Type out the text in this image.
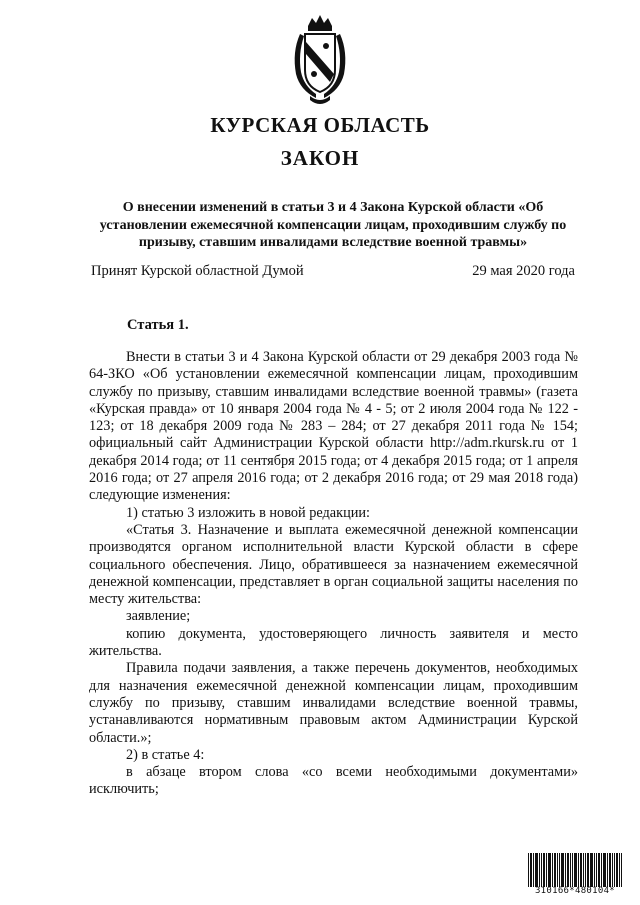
КУРСКАЯ ОБЛАСТЬ
ЗАКОН
О внесении изменений в статьи 3 и 4 Закона Курской области «Об установлении ежемесячной компенсации лицам, проходившим службу по призыву, ставшим инвалидами вследствие военной травмы»
Принят Курской областной Думой	29 мая 2020 года
Статья 1.

Внести в статьи 3 и 4 Закона Курской области от 29 декабря 2003 года № 64-ЗКО «Об установлении ежемесячной компенсации лицам, проходившим службу по призыву, ставшим инвалидами вследствие военной травмы» (газета «Курская правда» от 10 января 2004 года № 4 - 5; от 2 июля 2004 года № 122 - 123; от 18 декабря 2009 года № 283 – 284; от 27 декабря 2011 года № 154; официальный сайт Администрации Курской области http://adm.rkursk.ru от 1 декабря 2014 года; от 11 сентября 2015 года; от 4 декабря 2015 года; от 1 апреля 2016 года; от 27 апреля 2016 года; от 2 декабря 2016 года; от 29 мая 2018 года) следующие изменения:

1) статью 3 изложить в новой редакции:

«Статья 3. Назначение и выплата ежемесячной денежной компенсации производятся органом исполнительной власти Курской области в сфере социального обеспечения. Лицо, обратившееся за назначением ежемесячной денежной компенсации, представляет в орган социальной защиты населения по месту жительства:

заявление;

копию документа, удостоверяющего личность заявителя и место жительства.

Правила подачи заявления, а также перечень документов, необходимых для назначения ежемесячной денежной компенсации лицам, проходившим службу по призыву, ставшим инвалидами вследствие военной травмы, устанавливаются нормативным правовым актом Администрации Курской области.»;

2) в статье 4:

в абзаце втором слова «со всеми необходимыми документами» исключить;

310166*480104*
